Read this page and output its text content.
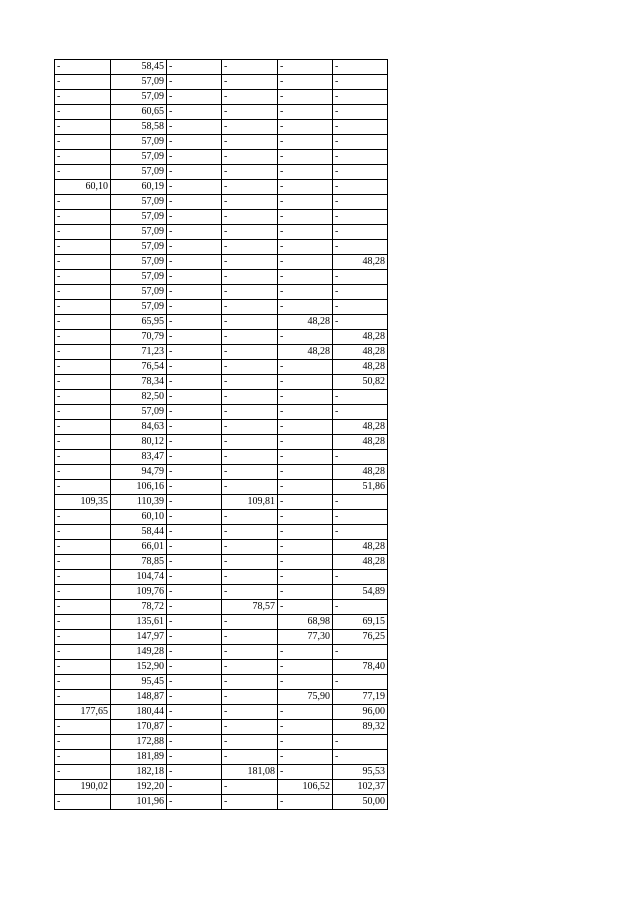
-	58,45	-	-	-	-
-	57,09	-	-	-	-
-	57,09	-	-	-	-
-	60,65	-	-	-	-
-	58,58	-	-	-	-
-	57,09	-	-	-	-
-	57,09	-	-	-	-
-	57,09	-	-	-	-
60,10	60,19	-	-	-	-
-	57,09	-	-	-	-
-	57,09	-	-	-	-
-	57,09	-	-	-	-
-	57,09	-	-	-	-
-	57,09	-	-	-	48,28
-	57,09	-	-	-	-
-	57,09	-	-	-	-
-	57,09	-	-	-	-
-	65,95	-	-	48,28	-
-	70,79	-	-	-	48,28
-	71,23	-	-	48,28	48,28
-	76,54	-	-	-	48,28
-	78,34	-	-	-	50,82
-	82,50	-	-	-	-
-	57,09	-	-	-	-
-	84,63	-	-	-	48,28
-	80,12	-	-	-	48,28
-	83,47	-	-	-	-
-	94,79	-	-	-	48,28
-	106,16	-	-	-	51,86
109,35	110,39	-	109,81	-	-
-	60,10	-	-	-	-
-	58,44	-	-	-	-
-	66,01	-	-	-	48,28
-	78,85	-	-	-	48,28
-	104,74	-	-	-	-
-	109,76	-	-	-	54,89
-	78,72	-	78,57	-	-
-	135,61	-	-	68,98	69,15
-	147,97	-	-	77,30	76,25
-	149,28	-	-	-	-
-	152,90	-	-	-	78,40
-	95,45	-	-	-	-
-	148,87	-	-	75,90	77,19
177,65	180,44	-	-	-	96,00
-	170,87	-	-	-	89,32
-	172,88	-	-	-	-
-	181,89	-	-	-	-
-	182,18	-	181,08	-	95,53
190,02	192,20	-	-	106,52	102,37
-	101,96	-	-	-	50,00
